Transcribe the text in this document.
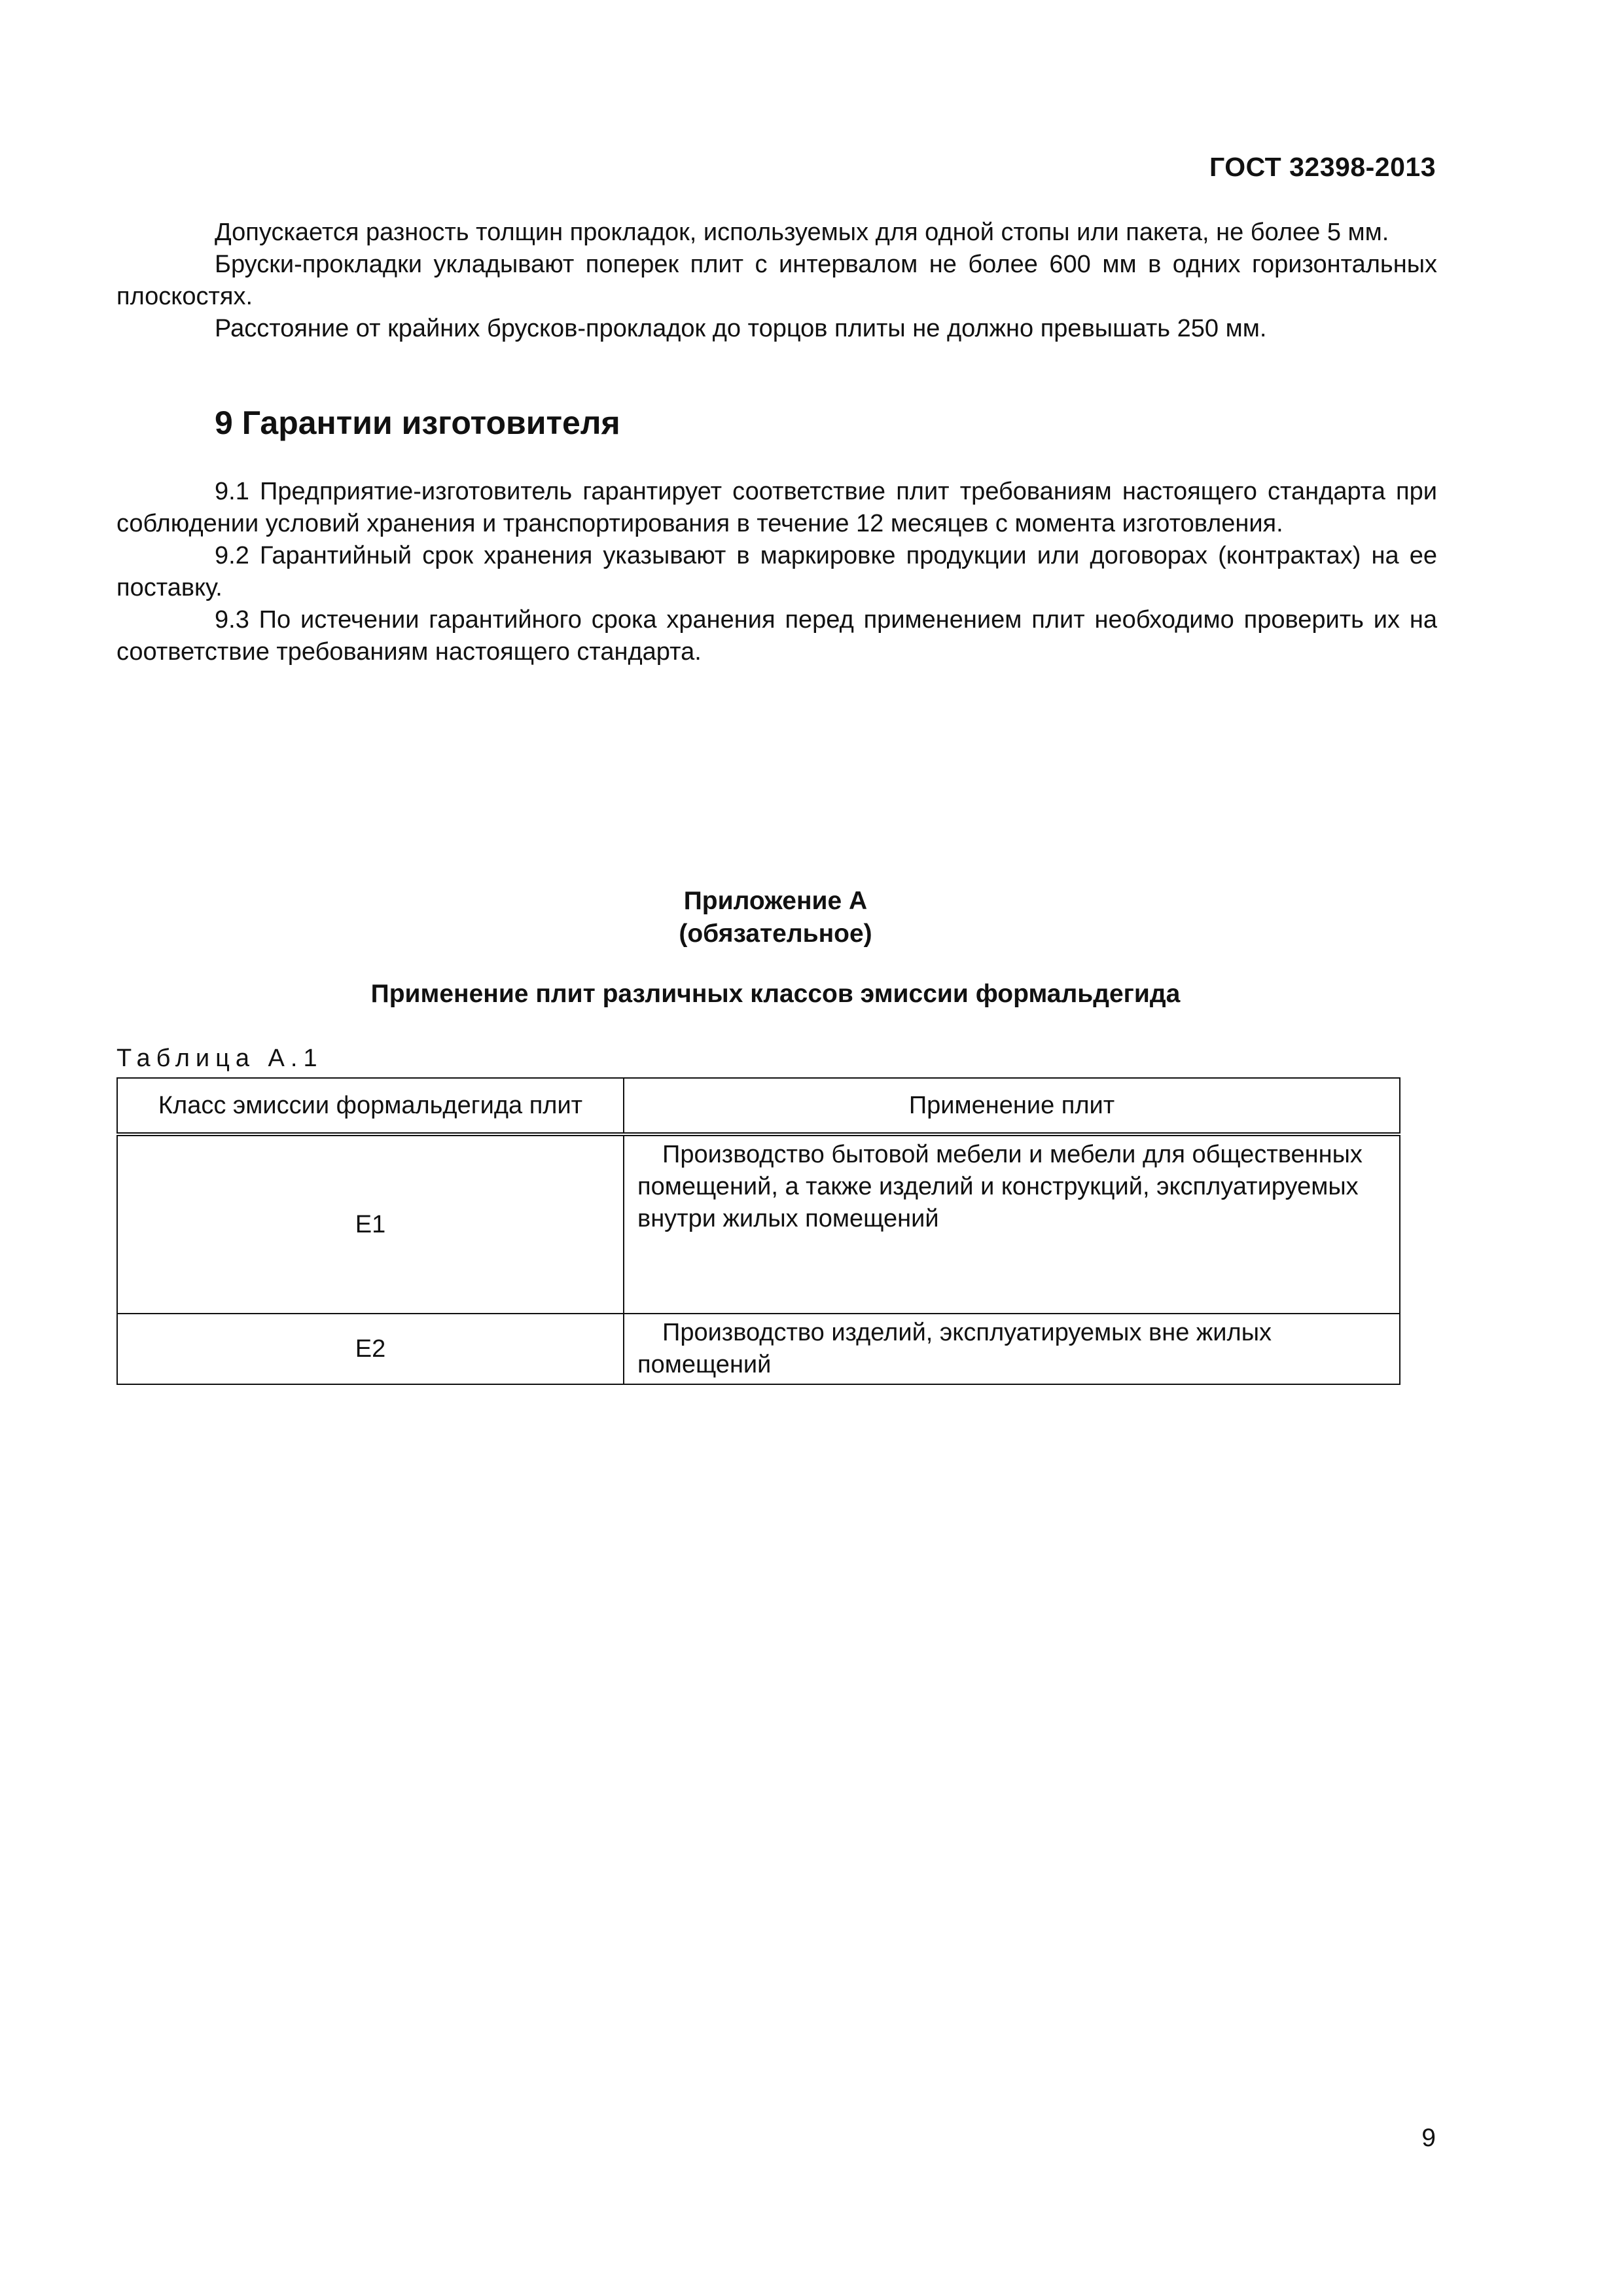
ГОСТ 32398-2013

Допускается разность толщин прокладок, используемых для одной стопы или пакета, не более 5 мм.

Бруски-прокладки укладывают поперек плит с интервалом не более 600 мм в одних горизонтальных плоскостях.

Расстояние от крайних брусков-прокладок до торцов плиты не должно превышать 250 мм.

9 Гарантии изготовителя

9.1 Предприятие-изготовитель гарантирует соответствие плит требованиям настоящего стандарта при соблюдении условий хранения и транспортирования в течение 12 месяцев с момента изготовления.

9.2 Гарантийный срок хранения указывают в маркировке продукции или договорах (контрактах) на ее поставку.

9.3 По истечении гарантийного срока хранения перед применением плит необходимо проверить их на соответствие требованиям настоящего стандарта.

Приложение А
(обязательное)
Применение плит различных классов эмиссии формальдегида
Таблица А.1
Класс эмиссии формальдегида плит	Применение плит
Е1	Производство бытовой мебели и мебели для общественных помещений, а также изделий и конструкций, эксплуатируемых внутри жилых помещений
Е2	Производство изделий, эксплуатируемых вне жилых помещений
9
